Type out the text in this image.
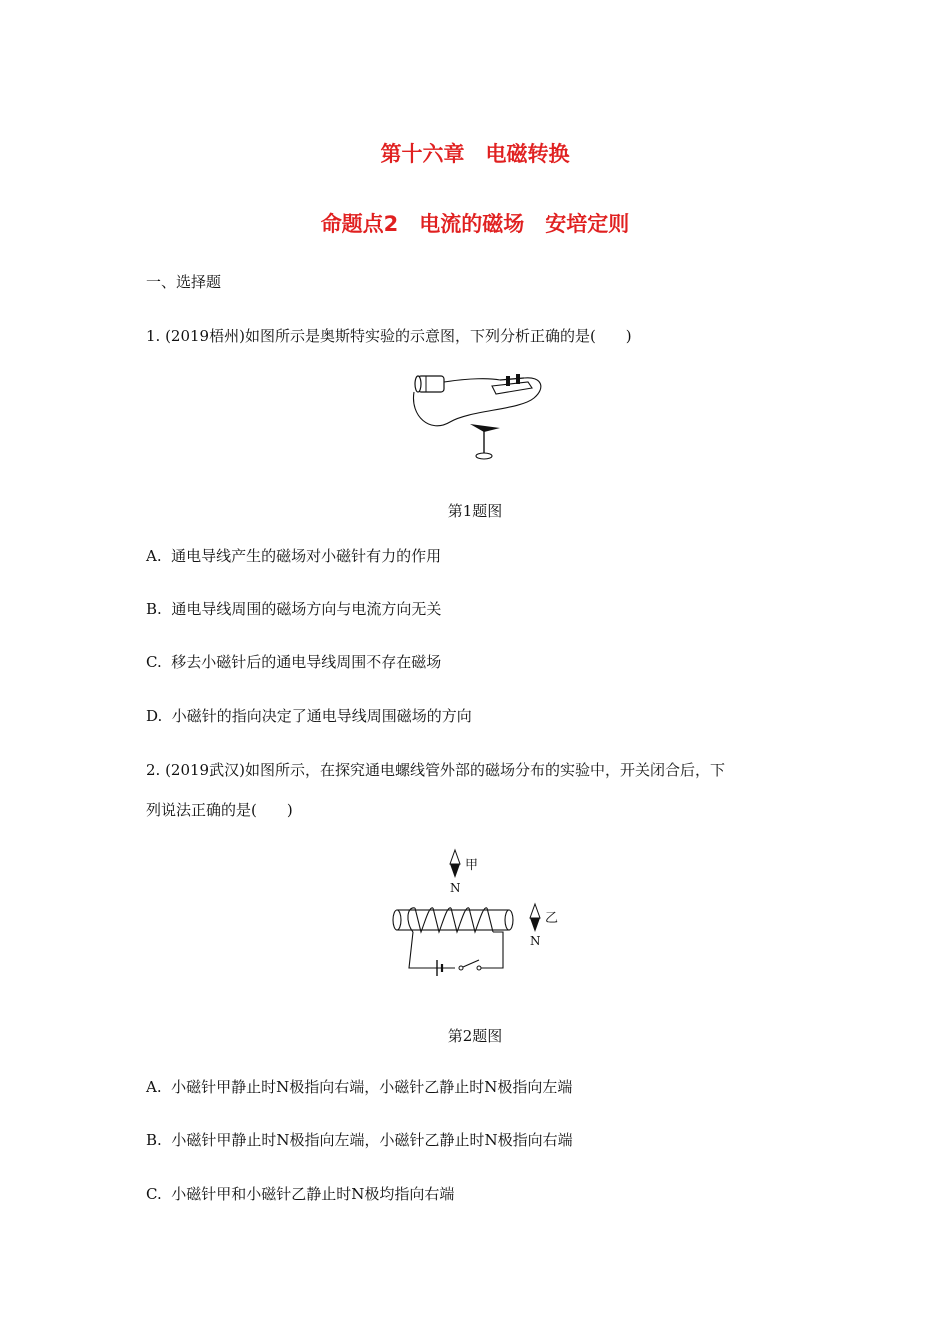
第十六章　电磁转换
命题点2　电流的磁场　安培定则
一、选择题
1. (2019梧州)如图所示是奥斯特实验的示意图，下列分析正确的是(　　)
第1题图
A.  通电导线产生的磁场对小磁针有力的作用
B.  通电导线周围的磁场方向与电流方向无关
C.  移去小磁针后的通电导线周围不存在磁场
D.  小磁针的指向决定了通电导线周围磁场的方向
2. (2019武汉)如图所示，在探究通电螺线管外部的磁场分布的实验中，开关闭合后，下
列说法正确的是(　　)
甲
N
乙
N
第2题图
A.  小磁针甲静止时N极指向右端，小磁针乙静止时N极指向左端
B.  小磁针甲静止时N极指向左端，小磁针乙静止时N极指向右端
C.  小磁针甲和小磁针乙静止时N极均指向右端
